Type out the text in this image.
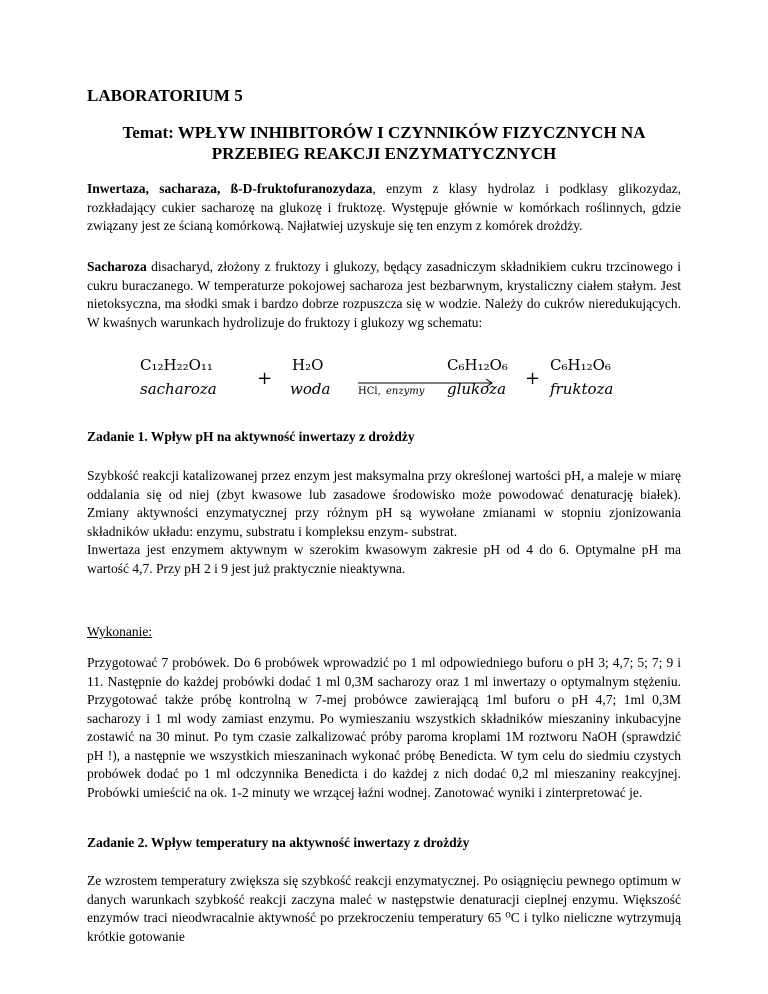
LABORATORIUM 5
Temat: WPŁYW INHIBITORÓW I CZYNNIKÓW FIZYCZNYCH NA
PRZEBIEG REAKCJI ENZYMATYCZNYCH

Inwertaza, sacharaza, ß-D-fruktofuranozydaza, enzym z klasy hydrolaz i podklasy glikozydaz, rozkładający cukier sacharozę na glukozę i fruktozę. Występuje głównie w komórkach roślinnych, gdzie związany jest ze ścianą komórkową. Najłatwiej uzyskuje się ten enzym z komórek drożdży.

Sacharoza disacharyd, złożony z fruktozy i glukozy, będący zasadniczym składnikiem cukru trzcinowego i cukru buraczanego. W temperaturze pokojowej sacharoza jest bezbarwnym, krystaliczny ciałem stałym. Jest nietoksyczna, ma słodki smak i bardzo dobrze rozpuszcza się w wodzie. Należy do cukrów nieredukujących. W kwaśnych warunkach hydrolizuje do fruktozy i glukozy wg schematu:

C₁₂H₂₂O₁₁
sacharoza +
H₂O
woda	HCl, enzymy
C₆H₁₂O₆
glukoza +
C₆H₁₂O₆
fruktoza
Zadanie 1. Wpływ pH na aktywność inwertazy z drożdży

Szybkość reakcji katalizowanej przez enzym jest maksymalna przy określonej wartości pH, a maleje w miarę oddalania się od niej (zbyt kwasowe lub zasadowe środowisko może powodować denaturację białek). Zmiany aktywności enzymatycznej przy różnym pH są wywołane zmianami w stopniu zjonizowania składników układu: enzymu, substratu i kompleksu enzym- substrat.

Inwertaza jest enzymem aktywnym w szerokim kwasowym zakresie pH od 4 do 6. Optymalne pH ma wartość 4,7. Przy pH 2 i 9 jest już praktycznie nieaktywna.

Wykonanie:

Przygotować 7 probówek. Do 6 probówek wprowadzić po 1 ml odpowiedniego buforu o pH 3; 4,7; 5; 7; 9 i 11. Następnie do każdej probówki dodać 1 ml 0,3M sacharozy oraz 1 ml inwertazy o optymalnym stężeniu. Przygotować także próbę kontrolną w 7-mej probówce zawierającą 1ml buforu o pH 4,7; 1ml 0,3M sacharozy i 1 ml wody zamiast enzymu. Po wymieszaniu wszystkich składników mieszaniny inkubacyjne zostawić na 30 minut. Po tym czasie zalkalizować próby paroma kroplami 1M roztworu NaOH (sprawdzić pH !), a następnie we wszystkich mieszaninach wykonać próbę Benedicta. W tym celu do siedmiu czystych probówek dodać po 1 ml odczynnika Benedicta i do każdej z nich dodać 0,2 ml mieszaniny reakcyjnej. Probówki umieścić na ok. 1-2 minuty we wrzącej łaźni wodnej. Zanotować wyniki i zinterpretować je.

Zadanie 2. Wpływ temperatury na aktywność inwertazy z drożdży

Ze wzrostem temperatury zwiększa się szybkość reakcji enzymatycznej. Po osiągnięciu pewnego optimum w danych warunkach szybkość reakcji zaczyna maleć w następstwie denaturacji cieplnej enzymu. Większość enzymów traci nieodwracalnie aktywność po przekroczeniu temperatury 65 ⁰C i tylko nieliczne wytrzymują krótkie gotowanie
